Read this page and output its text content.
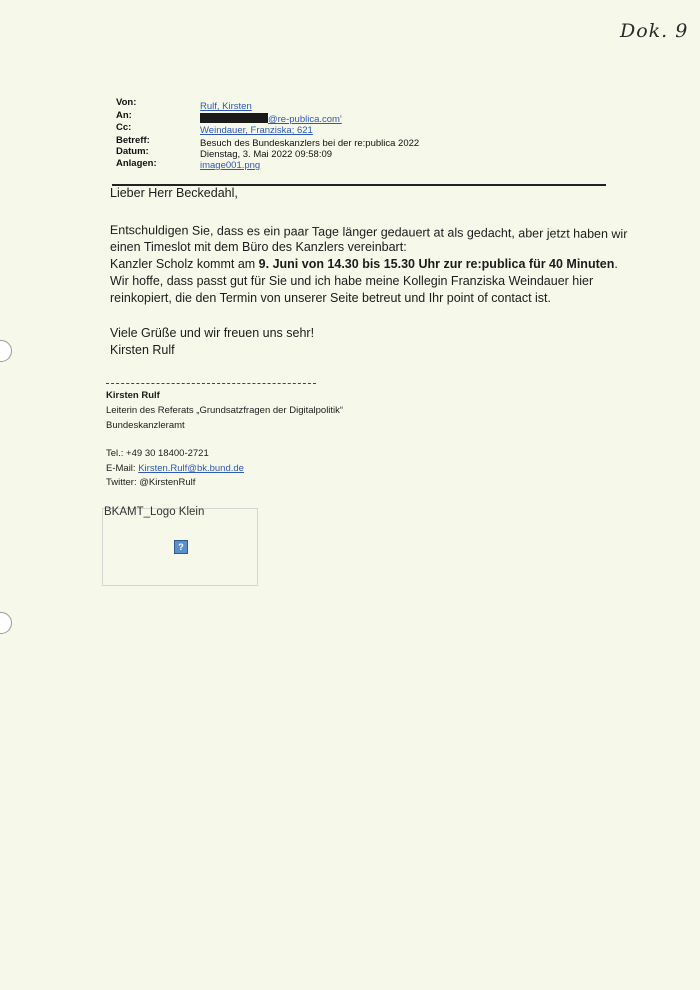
Dok. 9
Von:	Rulf, Kirsten
An:	@re-publica.com'
Cc:	Weindauer, Franziska; 621
Betreff:	Besuch des Bundeskanzlers bei der re:publica 2022
Datum:	Dienstag, 3. Mai 2022 09:58:09
Anlagen:	image001.png
Lieber Herr Beckedahl,
Entschuldigen Sie, dass es ein paar Tage länger gedauert at als gedacht, aber jetzt haben wir
einen Timeslot mit dem Büro des Kanzlers vereinbart:
Kanzler Scholz kommt am 9. Juni von 14.30 bis 15.30 Uhr zur re:publica für 40 Minuten.
Wir hoffe, dass passt gut für Sie und ich habe meine Kollegin Franziska Weindauer hier
reinkopiert, die den Termin von unserer Seite betreut und Ihr point of contact ist.
Viele Grüße und wir freuen uns sehr!
Kirsten Rulf
Kirsten Rulf
Leiterin des Referats „Grundsatzfragen der Digitalpolitik“
Bundeskanzleramt
Tel.: +49 30 18400-2721
E-Mail: Kirsten.Rulf@bk.bund.de
Twitter: @KirstenRulf
BKAMT_Logo Klein
?
